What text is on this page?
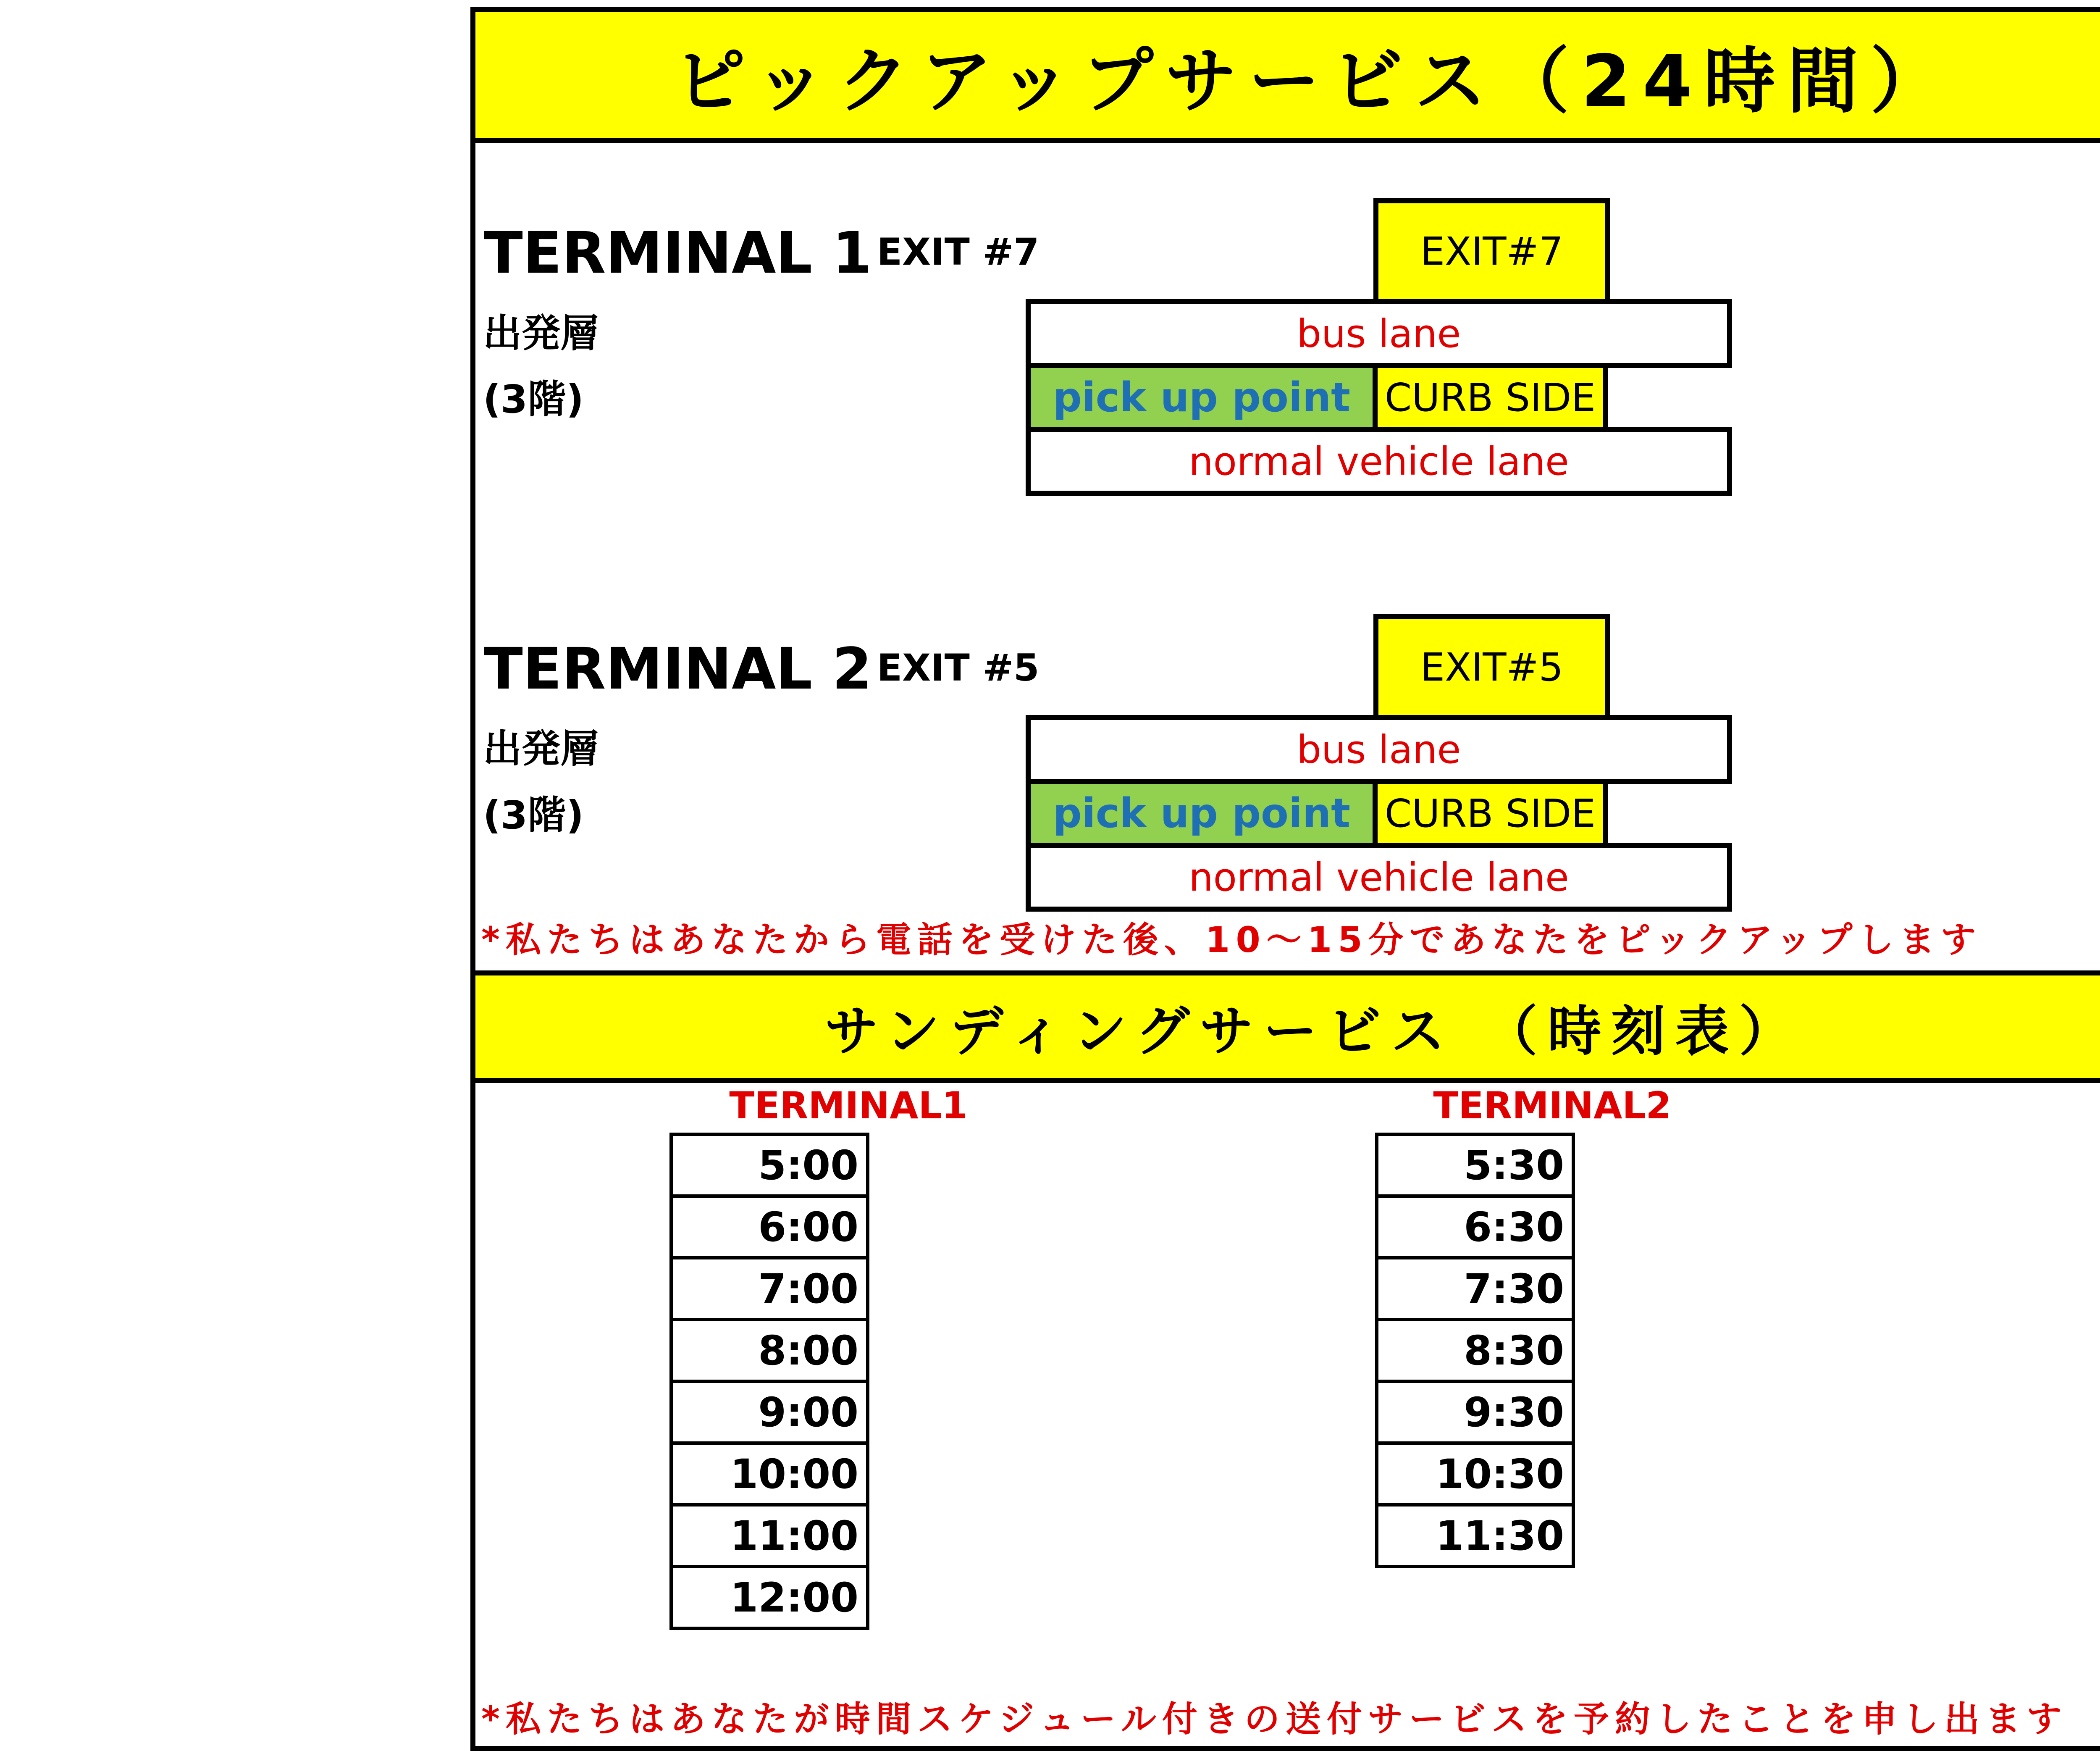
ピックアップサービス（24時間）
TERMINAL 1 EXIT #7
出発層
(3階)
EXIT#7
bus lane
pick up point CURB SIDE
normal vehicle lane
TERMINAL 2 EXIT #5
出発層
(3階)
EXIT#5
bus lane
pick up point CURB SIDE
normal vehicle lane
*私たちはあなたから電話を受けた後、10〜15分であなたをピックアップします
サンディングサービス （時刻表）
TERMINAL1
5:00
6:00
7:00
8:00
9:00
10:00
11:00
12:00
TERMINAL2
5:30
6:30
7:30
8:30
9:30
10:30
11:30
*私たちはあなたが時間スケジュール付きの送付サービスを予約したことを申し出ます
